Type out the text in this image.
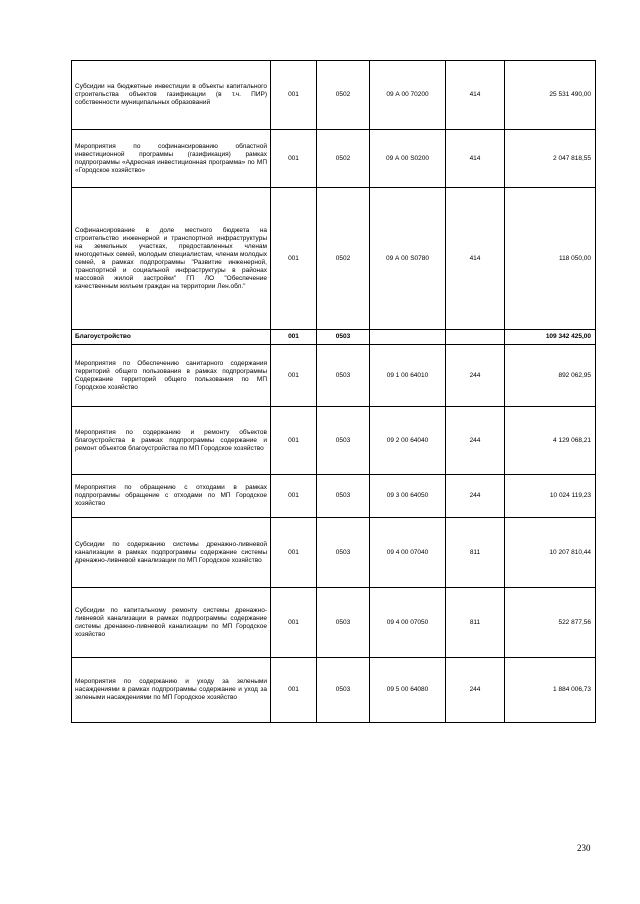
Субсидии на бюджетные инвестиции в объекты капитального строительства объектов газификации (в т.ч. ПИР) собственности муниципальных образований	001	0502	09 А 00 70200	414	25 531 490,00
Мероприятия по софинансированию областной инвестиционной программы (газификация) рамках подпрограммы «Адресная инвестиционная программа» по МП «Городское хозяйство»	001	0502	09 А 00 S0200	414	2 047 818,55
Софинансирование в доле местного бюджета на строительство инженерной и транспортной инфраструктуры на земельных участках, предоставленных членам многодетных семей, молодым специалистам, членам молодых семей, в рамках подпрограммы "Развитие инженерной, транспортной и социальной инфраструктуры в районах массовой жилой застройки" ГП ЛО "Обеспечение качественным жильем граждан на территории Лен.обл."	001	0502	09 А 00 S0780	414	118 050,00
Благоустройство	001	0503			109 342 425,00
Мероприятия по Обеспечению санитарного содержания территорий общего пользования в рамках подпрограммы Содержание территорий общего пользования по МП Городское хозяйство	001	0503	09 1 00 64010	244	892 062,95
Мероприятия по содержанию и ремонту объектов благоустройства в рамках подпрограммы содержание и ремонт объектов благоустройства по МП Городское хозяйство	001	0503	09 2 00 64040	244	4 129 068,21
Мероприятия по обращению с отходами в рамках подпрограммы обращение с отходами по МП Городское хозяйство	001	0503	09 3 00 64050	244	10 024 119,23
Субсидии по содержанию системы дренажно-ливневой канализации в рамках подпрограммы содержание системы дренажно-ливневой канализации по МП Городское хозяйство	001	0503	09 4 00 07040	811	10 207 810,44
Субсидии по капитальному ремонту системы дренажно-ливневой канализации в рамках подпрограммы содержание системы дренажно-ливневой канализации по МП Городское хозяйство	001	0503	09 4 00 07050	811	522 877,56
Мероприятия по содержанию и уходу за зелеными насаждениями в рамках подпрограммы содержание и уход за зелеными насаждениями по МП Городское хозяйство	001	0503	09 5 00 64080	244	1 884 006,73
230
